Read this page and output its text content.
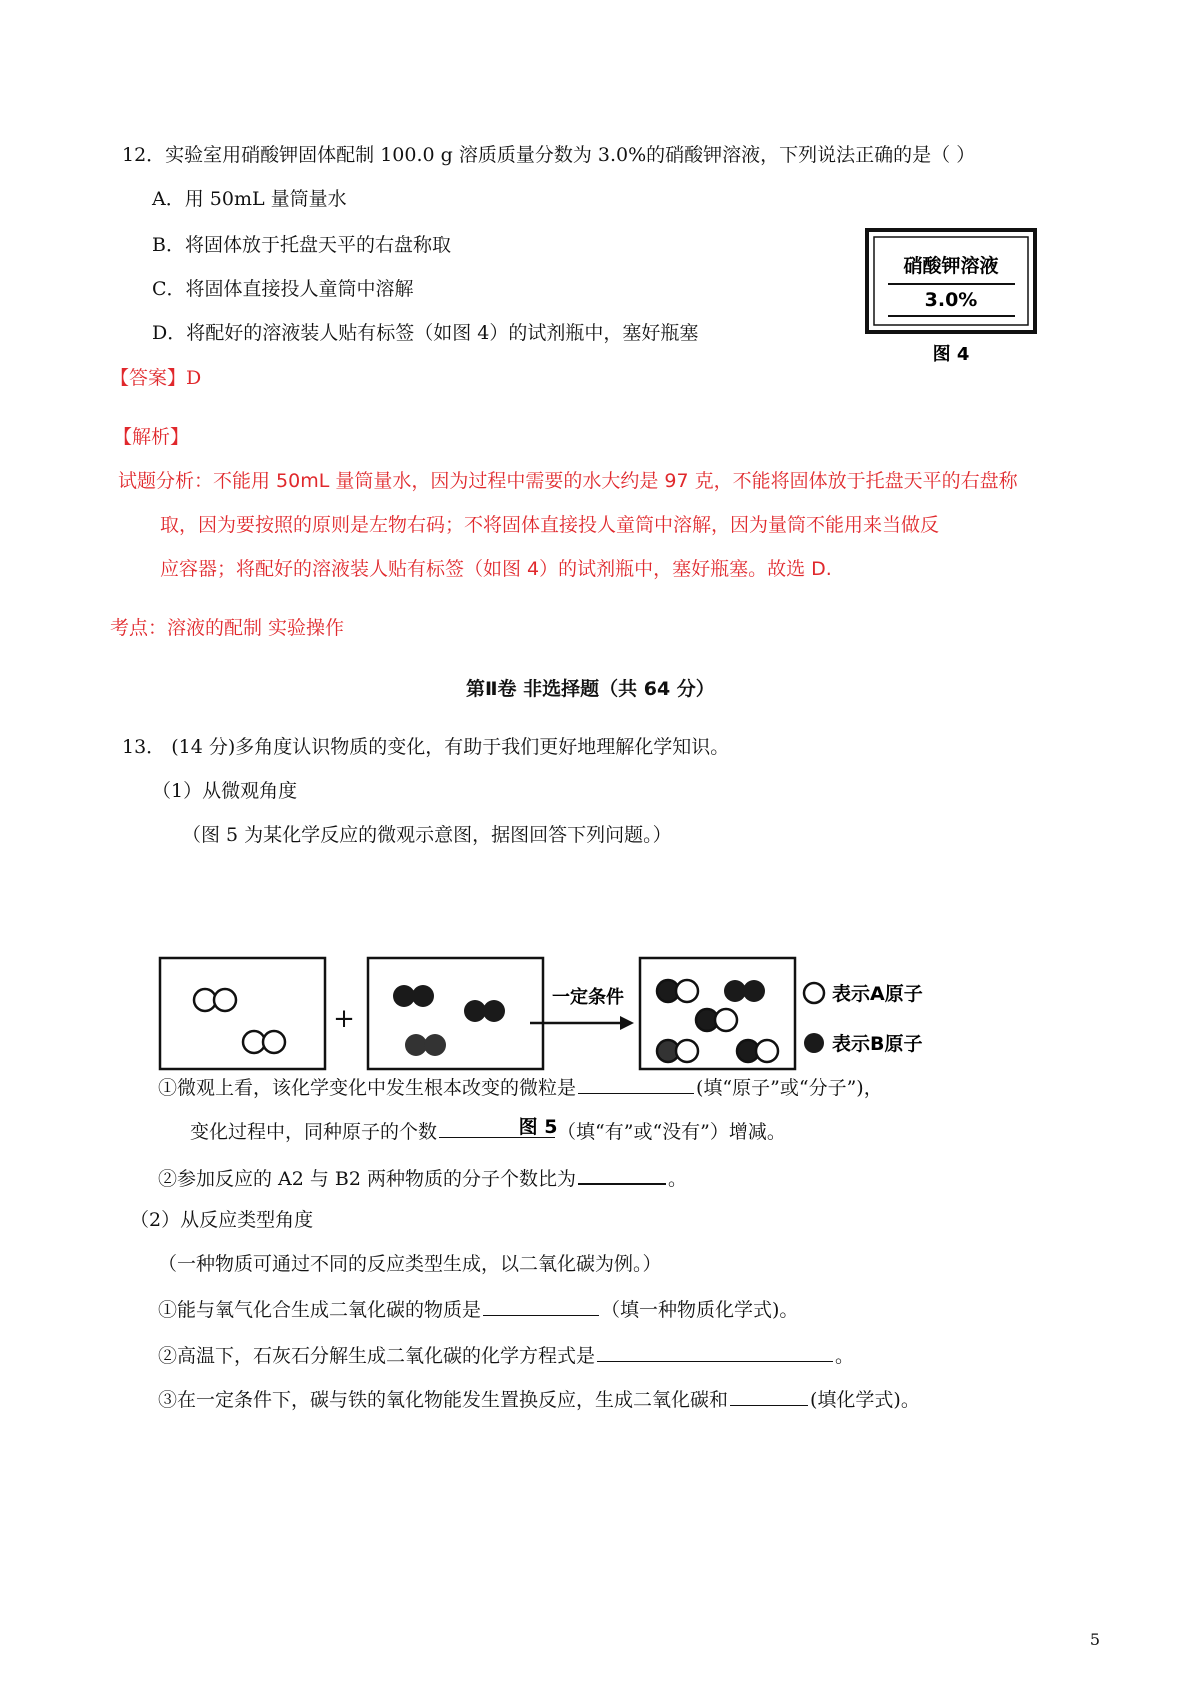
12．实验室用硝酸钾固体配制 100.0 g 溶质质量分数为 3.0%的硝酸钾溶液，下列说法正确的是（ ）
A．用 50mL 量筒量水
B．将固体放于托盘天平的右盘称取
C．将固体直接投人童筒中溶解
D．将配好的溶液装人贴有标签（如图 4）的试剂瓶中，塞好瓶塞
硝酸钾溶液
3.0%
图 4
【答案】D
【解析】
试题分析：不能用 50mL 量筒量水，因为过程中需要的水大约是 97 克，不能将固体放于托盘天平的右盘称
取，因为要按照的原则是左物右码；不将固体直接投人童筒中溶解，因为量筒不能用来当做反
应容器；将配好的溶液装人贴有标签（如图 4）的试剂瓶中，塞好瓶塞。故选 D.
考点：溶液的配制 实验操作
第Ⅱ卷 非选择题（共 64 分）
13． (14 分)多角度认识物质的变化，有助于我们更好地理解化学知识。
（1）从微观角度
（图 5 为某化学反应的微观示意图，据图回答下列问题。）
+
一定条件	表示A原子
表示B原子
图 5
①微观上看，该化学变化中发生根本改变的微粒是	(填“原子”或“分子”)，
变化过程中，同种原子的个数	（填“有”或“没有”）增减。
②参加反应的 A2 与 B2 两种物质的分子个数比为	。
（2）从反应类型角度
（一种物质可通过不同的反应类型生成，以二氧化碳为例。）
①能与氧气化合生成二氧化碳的物质是	（填一种物质化学式)。
②高温下，石灰石分解生成二氧化碳的化学方程式是	。
③在一定条件下，碳与铁的氧化物能发生置换反应，生成二氧化碳和	(填化学式)。
5
